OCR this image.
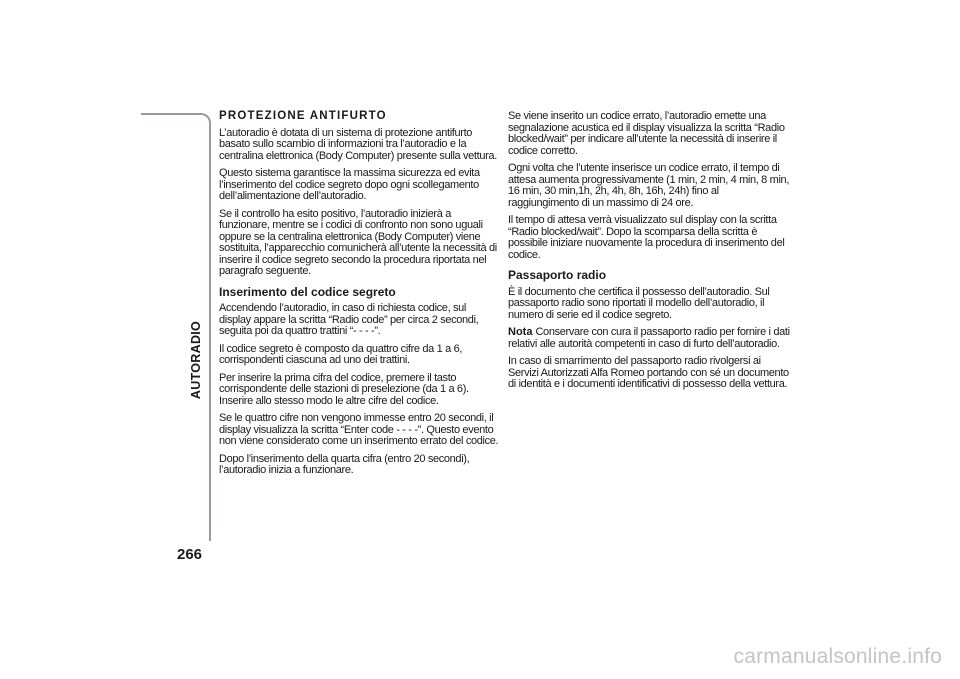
AUTORADIO
266
PROTEZIONE ANTIFURTO

L’autoradio è dotata di un sistema di protezione antifurto basato sullo scambio di informazioni tra l’autoradio e la centralina elettronica (Body Computer) presente sulla vettura.

Questo sistema garantisce la massima sicurezza ed evita l’inserimento del codice segreto dopo ogni scollegamento dell’alimentazione dell’autoradio.

Se il controllo ha esito positivo, l’autoradio inizierà a funzionare, mentre se i codici di confronto non sono uguali oppure se la centralina elettronica (Body Computer) viene sostituita, l’apparecchio comunicherà all’utente la necessità di inserire il codice segreto secondo la procedura riportata nel paragrafo seguente.

Inserimento del codice segreto

Accendendo l’autoradio, in caso di richiesta codice, sul display appare la scritta “Radio code” per circa 2 secondi, seguita poi da quattro trattini “- - - -”.

Il codice segreto è composto da quattro cifre da 1 a 6, corrispondenti ciascuna ad uno dei trattini.

Per inserire la prima cifra del codice, premere il tasto corrispondente delle stazioni di preselezione (da 1 a 6). Inserire allo stesso modo le altre cifre del codice.

Se le quattro cifre non vengono immesse entro 20 secondi, il display visualizza la scritta “Enter code - - - -”. Questo evento non viene considerato come un inserimento errato del codice.

Dopo l’inserimento della quarta cifra (entro 20 secondi), l’autoradio inizia a funzionare.

Se viene inserito un codice errato, l’autoradio emette una segnalazione acustica ed il display visualizza la scritta “Radio blocked/wait” per indicare all’utente la necessità di inserire il codice corretto.

Ogni volta che l’utente inserisce un codice errato, il tempo di attesa aumenta progressivamente (1 min, 2 min, 4 min, 8 min, 16 min, 30 min,1h, 2h, 4h, 8h, 16h, 24h) fino al raggiungimento di un massimo di 24 ore.

Il tempo di attesa verrà visualizzato sul display con la scritta “Radio blocked/wait”. Dopo la scomparsa della scritta è possibile iniziare nuovamente la procedura di inserimento del codice.

Passaporto radio

È il documento che certifica il possesso dell’autoradio. Sul passaporto radio sono riportati il modello dell’autoradio, il numero di serie ed il codice segreto.

Nota Conservare con cura il passaporto radio per fornire i dati relativi alle autorità competenti in caso di furto dell’autoradio.

In caso di smarrimento del passaporto radio rivolgersi ai Servizi Autorizzati Alfa Romeo portando con sé un documento di identità e i documenti identificativi di possesso della vettura.

carmanualsonline.info
